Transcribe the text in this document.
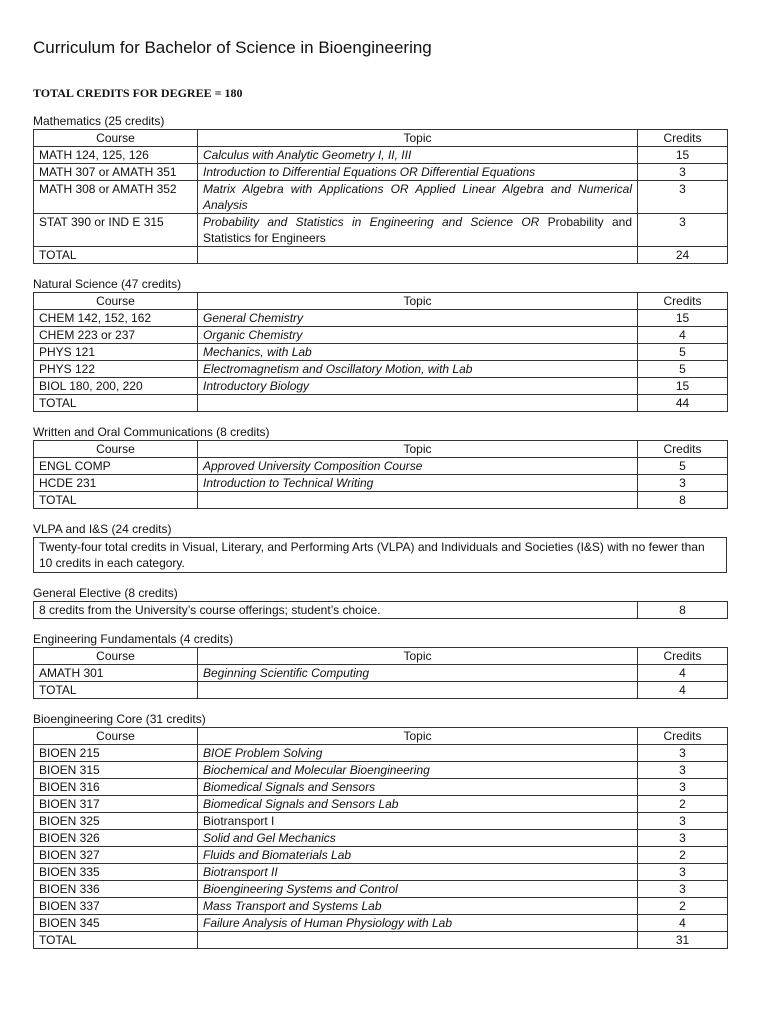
Curriculum for Bachelor of Science in Bioengineering

TOTAL CREDITS FOR DEGREE = 180

Mathematics (25 credits)

Course	Topic	Credits
MATH 124, 125, 126	Calculus with Analytic Geometry I, II, III	15
MATH 307 or AMATH 351	Introduction to Differential Equations OR Differential Equations	3
MATH 308 or AMATH 352	Matrix Algebra with Applications OR Applied Linear Algebra and Numerical Analysis	3
STAT 390 or IND E 315	Probability and Statistics in Engineering and Science OR Probability and Statistics for Engineers	3
TOTAL		24

Natural Science (47 credits)

Course	Topic	Credits
CHEM 142, 152, 162	General Chemistry	15
CHEM 223 or 237	Organic Chemistry	4
PHYS 121	Mechanics, with Lab	5
PHYS 122	Electromagnetism and Oscillatory Motion, with Lab	5
BIOL 180, 200, 220	Introductory Biology	15
TOTAL		44

Written and Oral Communications (8 credits)

Course	Topic	Credits
ENGL COMP	Approved University Composition Course	5
HCDE 231	Introduction to Technical Writing	3
TOTAL		8

VLPA and I&S (24 credits)

Twenty-four total credits in Visual, Literary, and Performing Arts (VLPA) and Individuals and Societies (I&S) with no fewer than 10 credits in each category.

General Elective (8 credits)

8 credits from the University’s course offerings; student’s choice.	8

Engineering Fundamentals (4 credits)

Course	Topic	Credits
AMATH 301	Beginning Scientific Computing	4
TOTAL		4

Bioengineering Core (31 credits)

Course	Topic	Credits
BIOEN 215	BIOE Problem Solving	3
BIOEN 315	Biochemical and Molecular Bioengineering	3
BIOEN 316	Biomedical Signals and Sensors	3
BIOEN 317	Biomedical Signals and Sensors Lab	2
BIOEN 325	Biotransport I	3
BIOEN 326	Solid and Gel Mechanics	3
BIOEN 327	Fluids and Biomaterials Lab	2
BIOEN 335	Biotransport II	3
BIOEN 336	Bioengineering Systems and Control	3
BIOEN 337	Mass Transport and Systems Lab	2
BIOEN 345	Failure Analysis of Human Physiology with Lab	4
TOTAL		31
